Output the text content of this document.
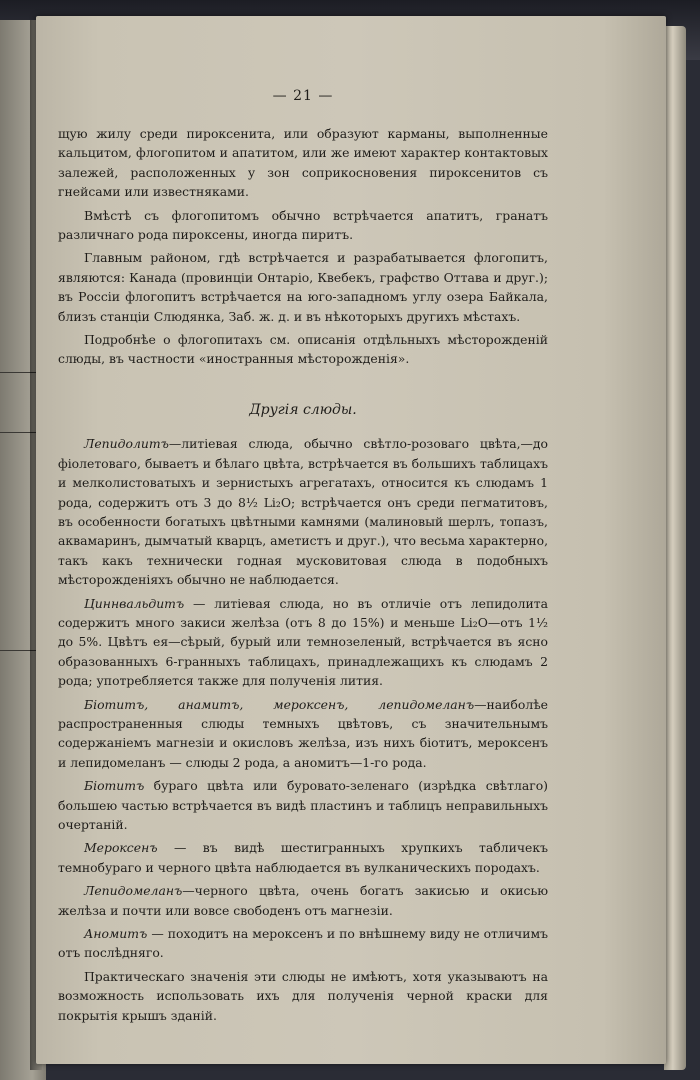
— 21 —

щую жилу среди пироксенита, или образуют карманы, выполненные кальцитом, флогопитом и апатитом, или же имеют характер контактовых залежей, расположенных у зон соприкосновения пироксенитов съ гнейсами или известняками.

Вмѣстѣ съ флогопитомъ обычно встрѣчается апатитъ, гранатъ различнаго рода пироксены, иногда пиритъ.

Главным районом, гдѣ встрѣчается и разрабатывается флогопитъ, являются: Канада (провинціи Онтаріо, Квебекъ, графство Оттава и друг.); въ Россіи флогопитъ встрѣчается на юго-западномъ углу озера Байкала, близъ станціи Слюдянка, Заб. ж. д. и въ нѣкоторыхъ другихъ мѣстахъ.

Подробнѣе о флогопитахъ см. описанія отдѣльныхъ мѣсторожденій слюды, въ частности «иностранныя мѣсторожденія».

Другія слюды.

Лепидолитъ—литіевая слюда, обычно свѣтло-розоваго цвѣта,—до фіолетоваго, бываетъ и бѣлаго цвѣта, встрѣчается въ большихъ таблицахъ и мелколистоватыхъ и зернистыхъ агрегатахъ, относится къ слюдамъ 1 рода, содержитъ отъ 3 до 8½ Li₂O; встрѣчается онъ среди пегматитовъ, въ особенности богатыхъ цвѣтными камнями (малиновый шерлъ, топазъ, аквамаринъ, дымчатый кварцъ, аметистъ и друг.), что весьма характерно, такъ какъ технически годная мусковитовая слюда в подобныхъ мѣсторожденіяхъ обычно не наблюдается.

Циннвальдитъ — литіевая слюда, но въ отличіе отъ лепидолита содержитъ много закиси желѣза (отъ 8 до 15%) и меньше Li₂O—отъ 1½ до 5%. Цвѣтъ ея—сѣрый, бурый или темнозеленый, встрѣчается въ ясно образованныхъ 6-гранныхъ таблицахъ, принадлежащихъ къ слюдамъ 2 рода; употребляется также для полученія лития.

Біотитъ, анамитъ, мероксенъ, лепидомеланъ—наиболѣе распространенныя слюды темныхъ цвѣтовъ, съ значительнымъ содержаніемъ магнезіи и окисловъ желѣза, изъ нихъ біотитъ, мероксенъ и лепидомеланъ — слюды 2 рода, а аномитъ—1-го рода.

Біотитъ бураго цвѣта или буровато-зеленаго (изрѣдка свѣтлаго) большею частью встрѣчается въ видѣ пластинъ и таблицъ неправильныхъ очертаній.

Мероксенъ — въ видѣ шестигранныхъ хрупкихъ табличекъ темнобураго и черного цвѣта наблюдается въ вулканическихъ породахъ.

Лепидомеланъ—черного цвѣта, очень богатъ закисью и окисью желѣза и почти или вовсе свободенъ отъ магнезіи.

Аномитъ — походитъ на мероксенъ и по внѣшнему виду не отличимъ отъ послѣдняго.

Практическаго значенія эти слюды не имѣютъ, хотя указываютъ на возможность использовать ихъ для полученія черной краски для покрытія крышъ зданій.
